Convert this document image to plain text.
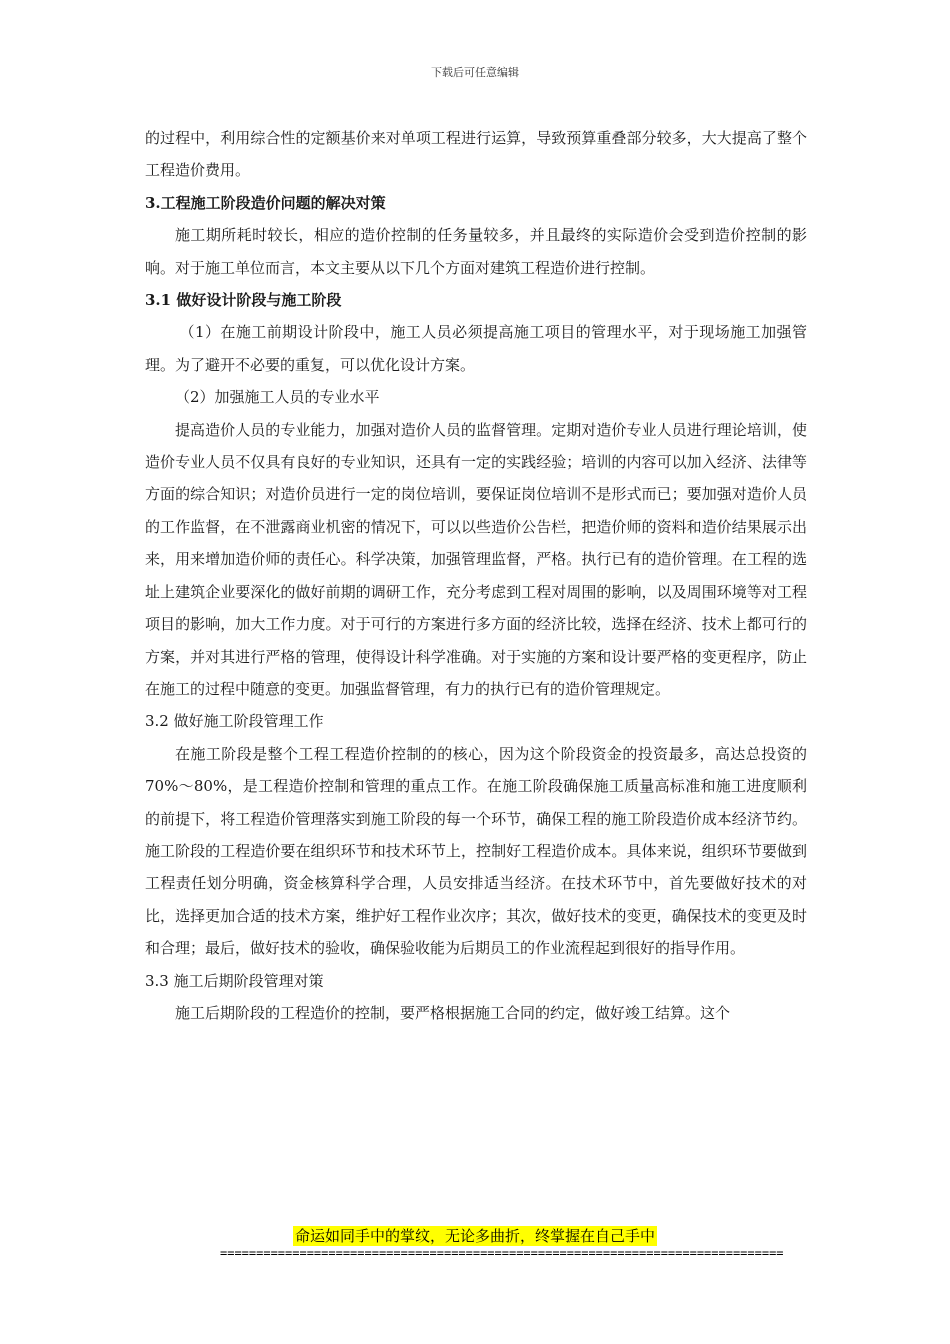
下载后可任意编辑

的过程中，利用综合性的定额基价来对单项工程进行运算，导致预算重叠部分较多，大大提高了整个工程造价费用。

3.工程施工阶段造价问题的解决对策

施工期所耗时较长，相应的造价控制的任务量较多，并且最终的实际造价会受到造价控制的影响。对于施工单位而言，本文主要从以下几个方面对建筑工程造价进行控制。

3.1 做好设计阶段与施工阶段

（1）在施工前期设计阶段中，施工人员必须提高施工项目的管理水平，对于现场施工加强管理。为了避开不必要的重复，可以优化设计方案。

（2）加强施工人员的专业水平

提高造价人员的专业能力，加强对造价人员的监督管理。定期对造价专业人员进行理论培训，使造价专业人员不仅具有良好的专业知识，还具有一定的实践经验；培训的内容可以加入经济、法律等方面的综合知识；对造价员进行一定的岗位培训，要保证岗位培训不是形式而已；要加强对造价人员的工作监督，在不泄露商业机密的情况下，可以以些造价公告栏，把造价师的资料和造价结果展示出来，用来增加造价师的责任心。科学决策，加强管理监督，严格。执行已有的造价管理。在工程的选址上建筑企业要深化的做好前期的调研工作，充分考虑到工程对周围的影响，以及周围环境等对工程项目的影响，加大工作力度。对于可行的方案进行多方面的经济比较，选择在经济、技术上都可行的方案，并对其进行严格的管理，使得设计科学准确。对于实施的方案和设计要严格的变更程序，防止在施工的过程中随意的变更。加强监督管理，有力的执行已有的造价管理规定。

3.2 做好施工阶段管理工作

在施工阶段是整个工程工程造价控制的的核心，因为这个阶段资金的投资最多，高达总投资的70%～80%，是工程造价控制和管理的重点工作。在施工阶段确保施工质量高标准和施工进度顺利的前提下，将工程造价管理落实到施工阶段的每一个环节，确保工程的施工阶段造价成本经济节约。施工阶段的工程造价要在组织环节和技术环节上，控制好工程造价成本。具体来说，组织环节要做到工程责任划分明确，资金核算科学合理，人员安排适当经济。在技术环节中，首先要做好技术的对比，选择更加合适的技术方案，维护好工程作业次序；其次，做好技术的变更，确保技术的变更及时和合理；最后，做好技术的验收，确保验收能为后期员工的作业流程起到很好的指导作用。

3.3 施工后期阶段管理对策

施工后期阶段的工程造价的控制，要严格根据施工合同的约定，做好竣工结算。这个

命运如同手中的掌纹，无论多曲折，终掌握在自己手中
==============================================================================
